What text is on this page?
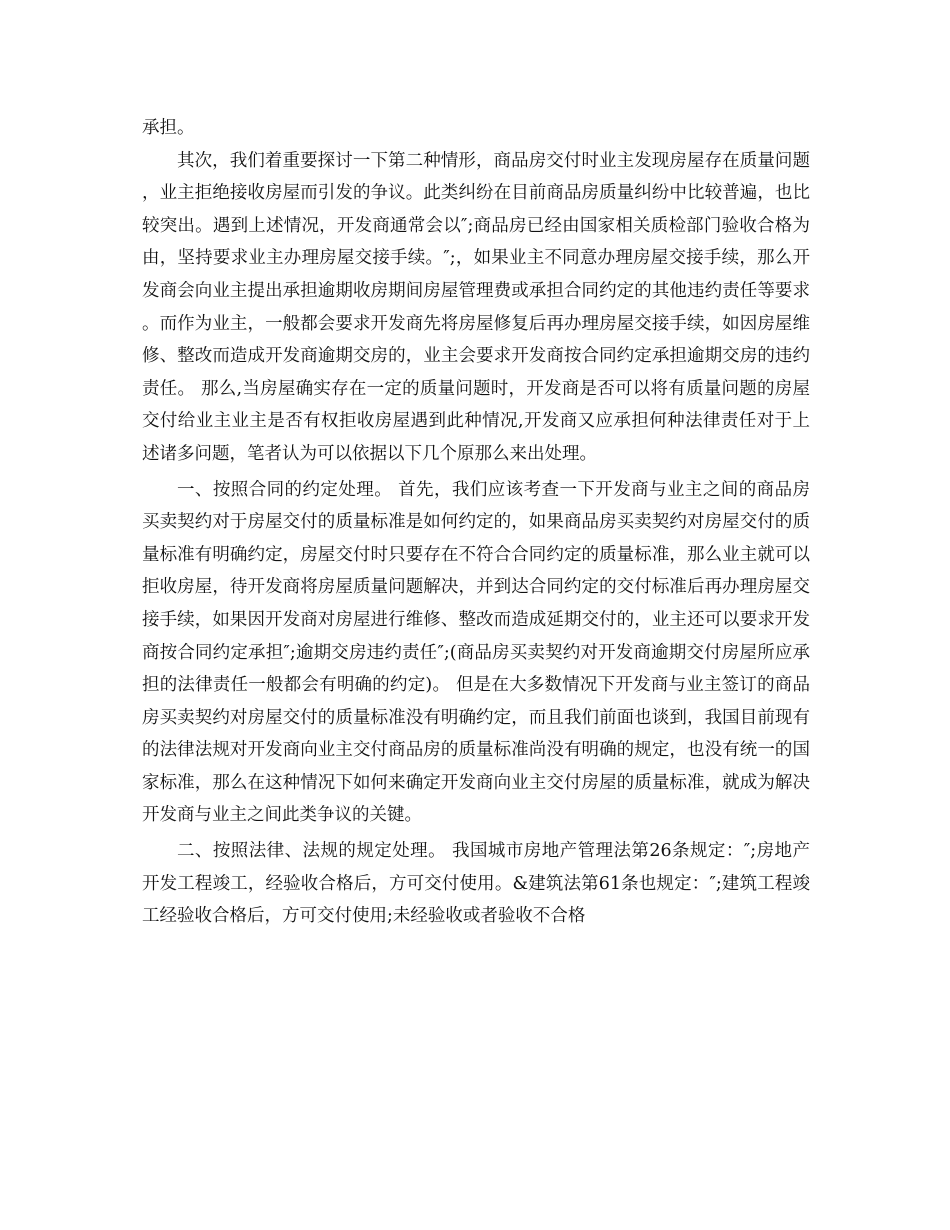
承担。

其次，我们着重要探讨一下第二种情形，商品房交付时业主发现房屋存在质量问题，业主拒绝接收房屋而引发的争议。此类纠纷在目前商品房质量纠纷中比较普遍，也比较突出。遇到上述情况，开发商通常会以″;商品房已经由国家相关质检部门验收合格为由，坚持要求业主办理房屋交接手续。″;，如果业主不同意办理房屋交接手续，那么开发商会向业主提出承担逾期收房期间房屋管理费或承担合同约定的其他违约责任等要求。而作为业主，一般都会要求开发商先将房屋修复后再办理房屋交接手续，如因房屋维修、整改而造成开发商逾期交房的，业主会要求开发商按合同约定承担逾期交房的违约责任。 那么,当房屋确实存在一定的质量问题时，开发商是否可以将有质量问题的房屋交付给业主业主是否有权拒收房屋遇到此种情况,开发商又应承担何种法律责任对于上述诸多问题，笔者认为可以依据以下几个原那么来出处理。

一、按照合同的约定处理。 首先，我们应该考查一下开发商与业主之间的商品房买卖契约对于房屋交付的质量标准是如何约定的，如果商品房买卖契约对房屋交付的质量标准有明确约定，房屋交付时只要存在不符合合同约定的质量标准，那么业主就可以拒收房屋，待开发商将房屋质量问题解决，并到达合同约定的交付标准后再办理房屋交接手续，如果因开发商对房屋进行维修、整改而造成延期交付的，业主还可以要求开发商按合同约定承担″;逾期交房违约责任″;(商品房买卖契约对开发商逾期交付房屋所应承担的法律责任一般都会有明确的约定)。 但是在大多数情况下开发商与业主签订的商品房买卖契约对房屋交付的质量标准没有明确约定，而且我们前面也谈到，我国目前现有的法律法规对开发商向业主交付商品房的质量标准尚没有明确的规定，也没有统一的国家标准，那么在这种情况下如何来确定开发商向业主交付房屋的质量标准，就成为解决开发商与业主之间此类争议的关键。

二、按照法律、法规的规定处理。 我国城市房地产管理法第26条规定：″;房地产开发工程竣工，经验收合格后，方可交付使用。&建筑法第61条也规定：″;建筑工程竣工经验收合格后，方可交付使用;未经验收或者验收不合格
